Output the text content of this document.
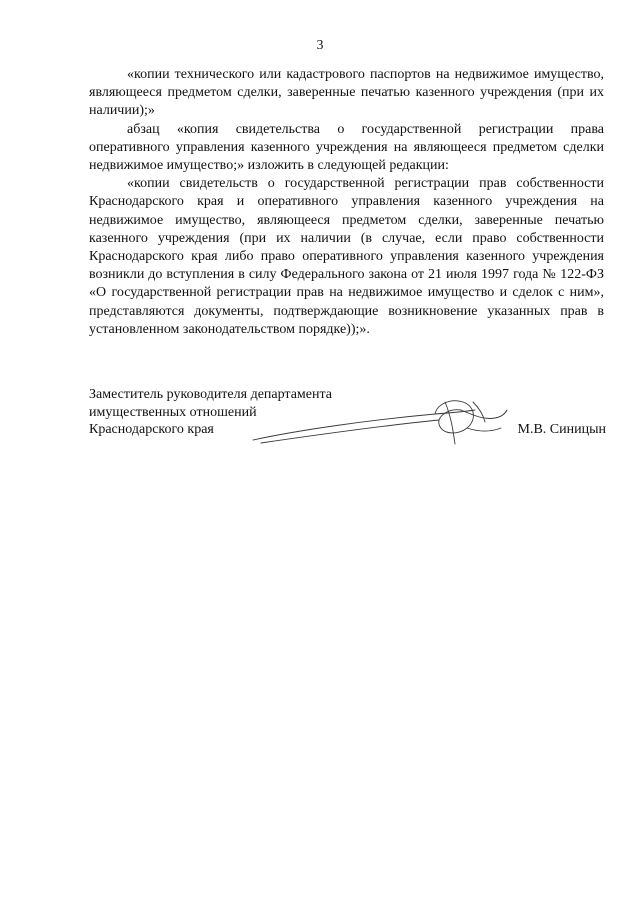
3

«копии технического или кадастрового паспортов на недвижимое имущество, являющееся предметом сделки, заверенные печатью казенного учреждения (при их наличии);»

абзац «копия свидетельства о государственной регистрации права оперативного управления казенного учреждения на являющееся предметом сделки недвижимое имущество;» изложить в следующей редакции:

«копии свидетельств о государственной регистрации прав собственности Краснодарского края и оперативного управления казенного учреждения на недвижимое имущество, являющееся предметом сделки, заверенные печатью казенного учреждения (при их наличии (в случае, если право собственности Краснодарского края либо право оперативного управления казенного учреждения возникли до вступления в силу Федерального закона от 21 июля 1997 года № 122-ФЗ «О государственной регистрации прав на недвижимое имущество и сделок с ним», представляются документы, подтверждающие возникновение указанных прав в установленном законодательством порядке));».

Заместитель руководителя департамента
имущественных отношений
Краснодарского края	М.В. Синицын
